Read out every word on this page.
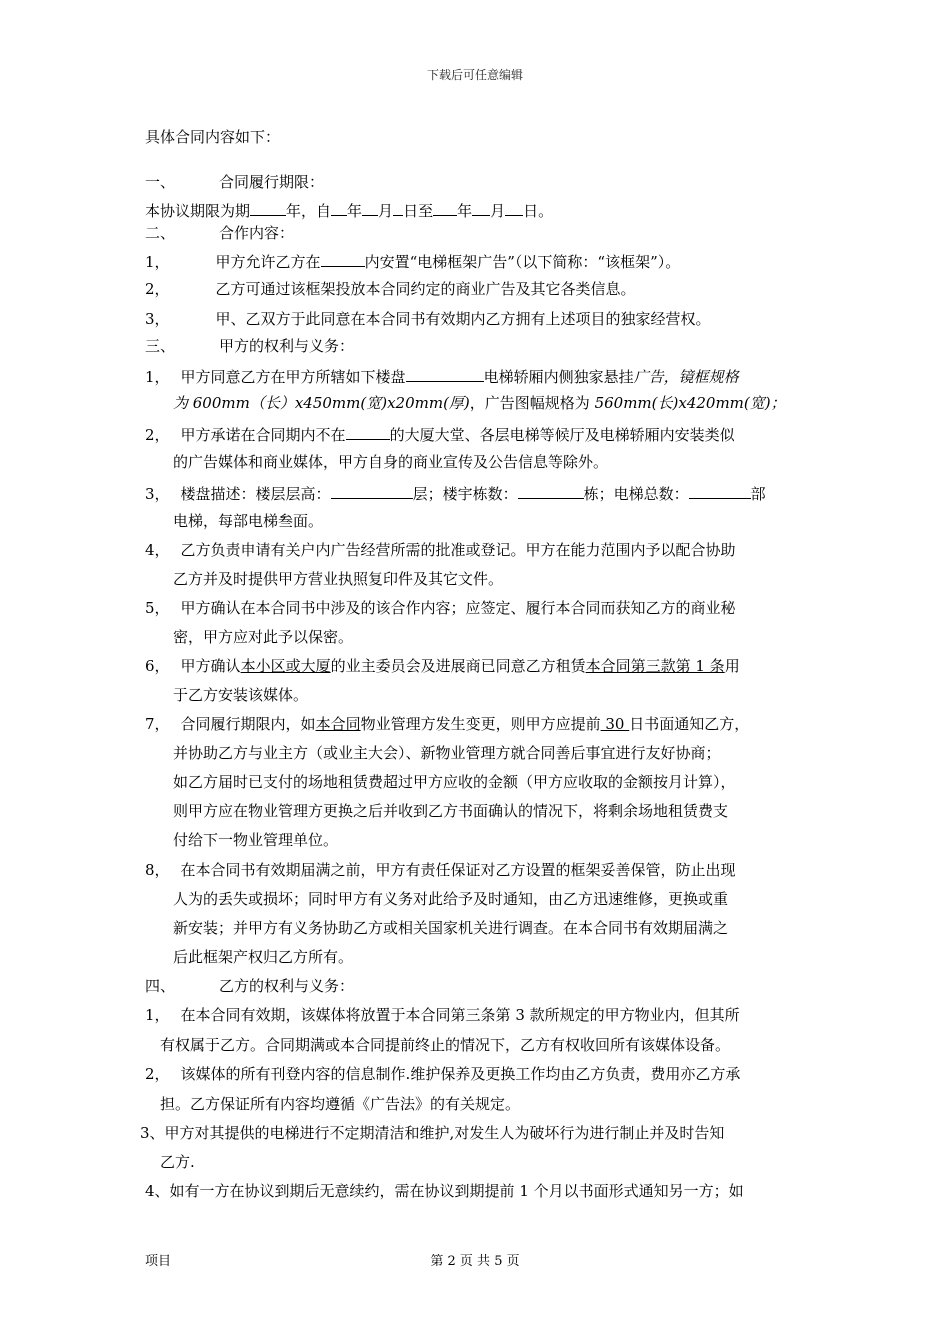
下载后可任意编辑
具体合同内容如下：
一、	合同履行期限：
本协议期限为期 年，自 年 月 日至 年 月 日。
二、	合作内容：
1，	甲方允许乙方在	内安置“电梯框架广告”（以下简称：“该框架”）。
2，	乙方可通过该框架投放本合同约定的商业广告及其它各类信息。
3，	甲、乙双方于此同意在本合同书有效期内乙方拥有上述项目的独家经营权。
三、	甲方的权利与义务：
1， 甲方同意乙方在甲方所辖如下楼盘	电梯轿厢内侧独家悬挂广告，镜框规格
为 600mm（长）x450mm(宽)x20mm(厚)，广告图幅规格为 560mm(长)x420mm(宽)；
2， 甲方承诺在合同期内不在	的大厦大堂、各层电梯等候厅及电梯轿厢内安装类似
的广告媒体和商业媒体，甲方自身的商业宣传及公告信息等除外。
3， 楼盘描述：楼层层高：	层；楼宇栋数：	栋；电梯总数：	部
电梯，每部电梯叁面。
4， 乙方负责申请有关户内广告经营所需的批准或登记。甲方在能力范围内予以配合协助
乙方并及时提供甲方营业执照复印件及其它文件。
5， 甲方确认在本合同书中涉及的该合作内容；应签定、履行本合同而获知乙方的商业秘
密，甲方应对此予以保密。
6， 甲方确认本小区或大厦的业主委员会及进展商已同意乙方租赁本合同第三款第 1 条用
于乙方安装该媒体。
7， 合同履行期限内，如本合同物业管理方发生变更，则甲方应提前 30 日书面通知乙方，
并协助乙方与业主方（或业主大会）、新物业管理方就合同善后事宜进行友好协商；
如乙方届时已支付的场地租赁费超过甲方应收的金额（甲方应收取的金额按月计算），
则甲方应在物业管理方更换之后并收到乙方书面确认的情况下，将剩余场地租赁费支
付给下一物业管理单位。
8， 在本合同书有效期届满之前，甲方有责任保证对乙方设置的框架妥善保管，防止出现
人为的丢失或损坏；同时甲方有义务对此给予及时通知，由乙方迅速维修，更换或重
新安装；并甲方有义务协助乙方或相关国家机关进行调查。在本合同书有效期届满之
后此框架产权归乙方所有。
四、	乙方的权利与义务：
1， 在本合同有效期，该媒体将放置于本合同第三条第 3 款所规定的甲方物业内，但其所
有权属于乙方。合同期满或本合同提前终止的情况下，乙方有权收回所有该媒体设备。
2， 该媒体的所有刊登内容的信息制作.维护保养及更换工作均由乙方负责，费用亦乙方承
担。乙方保证所有内容均遵循《广告法》的有关规定。
3、甲方对其提供的电梯进行不定期清洁和维护,对发生人为破坏行为进行制止并及时告知
乙方.
4、如有一方在协议到期后无意续约，需在协议到期提前 1 个月以书面形式通知另一方；如
项目	第 2 页 共 5 页
